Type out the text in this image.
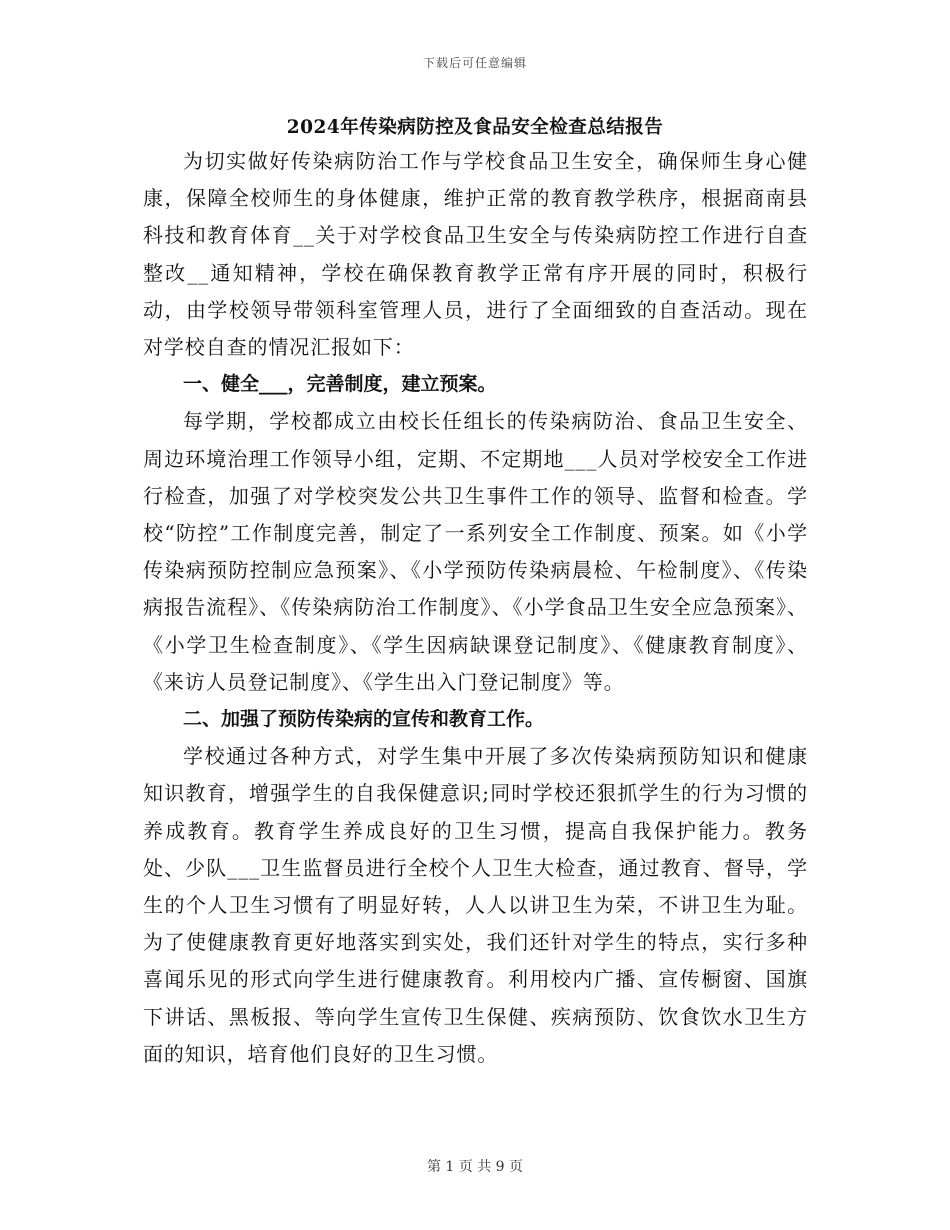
下载后可任意编辑
2024年传染病防控及食品安全检查总结报告

为切实做好传染病防治工作与学校食品卫生安全，确保师生身心健康，保障全校师生的身体健康，维护正常的教育教学秩序，根据商南县科技和教育体育__关于对学校食品卫生安全与传染病防控工作进行自查整改__通知精神，学校在确保教育教学正常有序开展的同时，积极行动，由学校领导带领科室管理人员，进行了全面细致的自查活动。现在对学校自查的情况汇报如下：

一、健全___，完善制度，建立预案。

每学期，学校都成立由校长任组长的传染病防治、食品卫生安全、周边环境治理工作领导小组，定期、不定期地___人员对学校安全工作进行检查，加强了对学校突发公共卫生事件工作的领导、监督和检查。学校“防控”工作制度完善，制定了一系列安全工作制度、预案。如《小学传染病预防控制应急预案》、《小学预防传染病晨检、午检制度》、《传染病报告流程》、《传染病防治工作制度》、《小学食品卫生安全应急预案》、《小学卫生检查制度》、《学生因病缺课登记制度》、《健康教育制度》、《来访人员登记制度》、《学生出入门登记制度》等。

二、加强了预防传染病的宣传和教育工作。

学校通过各种方式，对学生集中开展了多次传染病预防知识和健康知识教育，增强学生的自我保健意识;同时学校还狠抓学生的行为习惯的养成教育。教育学生养成良好的卫生习惯，提高自我保护能力。教务处、少队___卫生监督员进行全校个人卫生大检查，通过教育、督导，学生的个人卫生习惯有了明显好转，人人以讲卫生为荣，不讲卫生为耻。为了使健康教育更好地落实到实处，我们还针对学生的特点，实行多种喜闻乐见的形式向学生进行健康教育。利用校内广播、宣传橱窗、国旗下讲话、黑板报、等向学生宣传卫生保健、疾病预防、饮食饮水卫生方面的知识，培育他们良好的卫生习惯。

第 1 页 共 9 页
